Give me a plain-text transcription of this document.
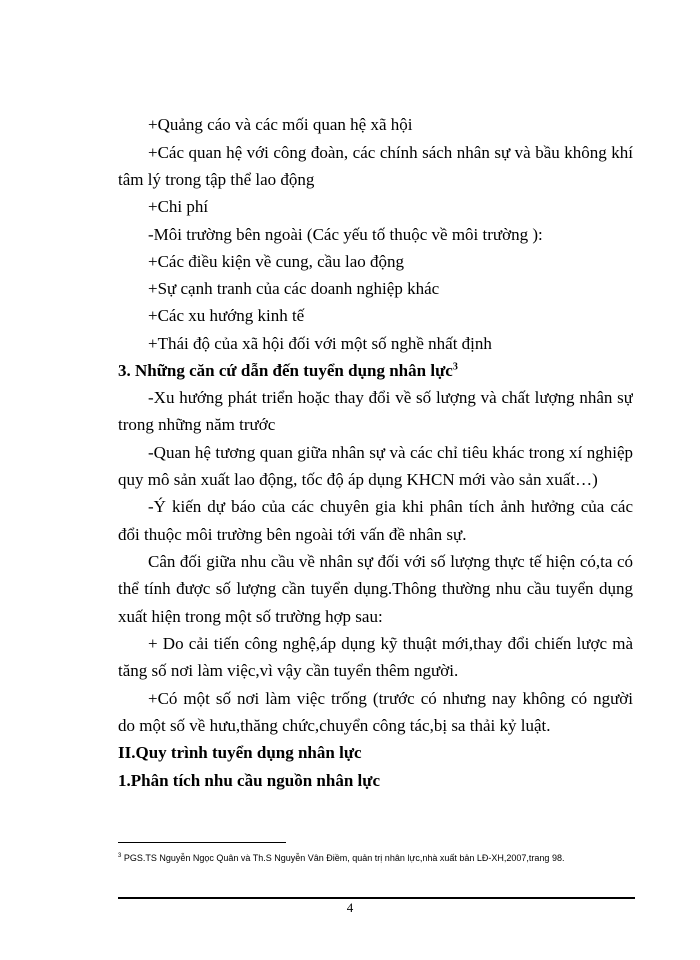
+Quảng cáo và các mối quan hệ xã hội
+Các quan hệ với công đoàn, các chính sách nhân sự và bầu không khí
tâm lý trong tập thể lao động
+Chi phí
-Môi trường bên ngoài (Các yếu tố thuộc về môi trường ):
+Các điều kiện về cung, cầu lao động
+Sự cạnh tranh của các doanh nghiệp khác
+Các xu hướng kinh tế
+Thái độ của xã hội đối với một số nghề nhất định
3. Những căn cứ dẫn đến tuyển dụng nhân lực$^3$
-Xu hướng phát triển hoặc thay đổi về số lượng và chất lượng nhân sự
trong những năm trước
-Quan hệ tương quan giữa nhân sự và các chỉ tiêu khác trong xí nghiệp
quy mô sản xuất lao động, tốc độ áp dụng KHCN mới vào sản xuất…)
-Ý kiến dự báo của các chuyên gia khi phân tích ảnh hưởng của các
đổi thuộc môi trường bên ngoài tới vấn đề nhân sự.
Cân đối giữa nhu cầu về nhân sự đối với số lượng thực tế hiện có,ta có
thể tính được số lượng cần tuyển dụng.Thông thường nhu cầu tuyển dụng
xuất hiện trong một số trường hợp sau:
+ Do cải tiến công nghệ,áp dụng kỹ thuật mới,thay đổi chiến lược mà
tăng số nơi làm việc,vì vậy cần tuyển thêm người.
+Có một số nơi làm việc trống (trước có nhưng nay không có người
do một số về hưu,thăng chức,chuyển công tác,bị sa thải kỷ luật.
II.Quy trình tuyển dụng nhân lực
1.Phân tích nhu cầu nguồn nhân lực
$^3$ PGS.TS Nguyễn Ngọc Quân và Th.S Nguyễn Vân Điềm, quản trị nhân lực,nhà xuất bản LĐ-XH,2007,trang 98.
4
